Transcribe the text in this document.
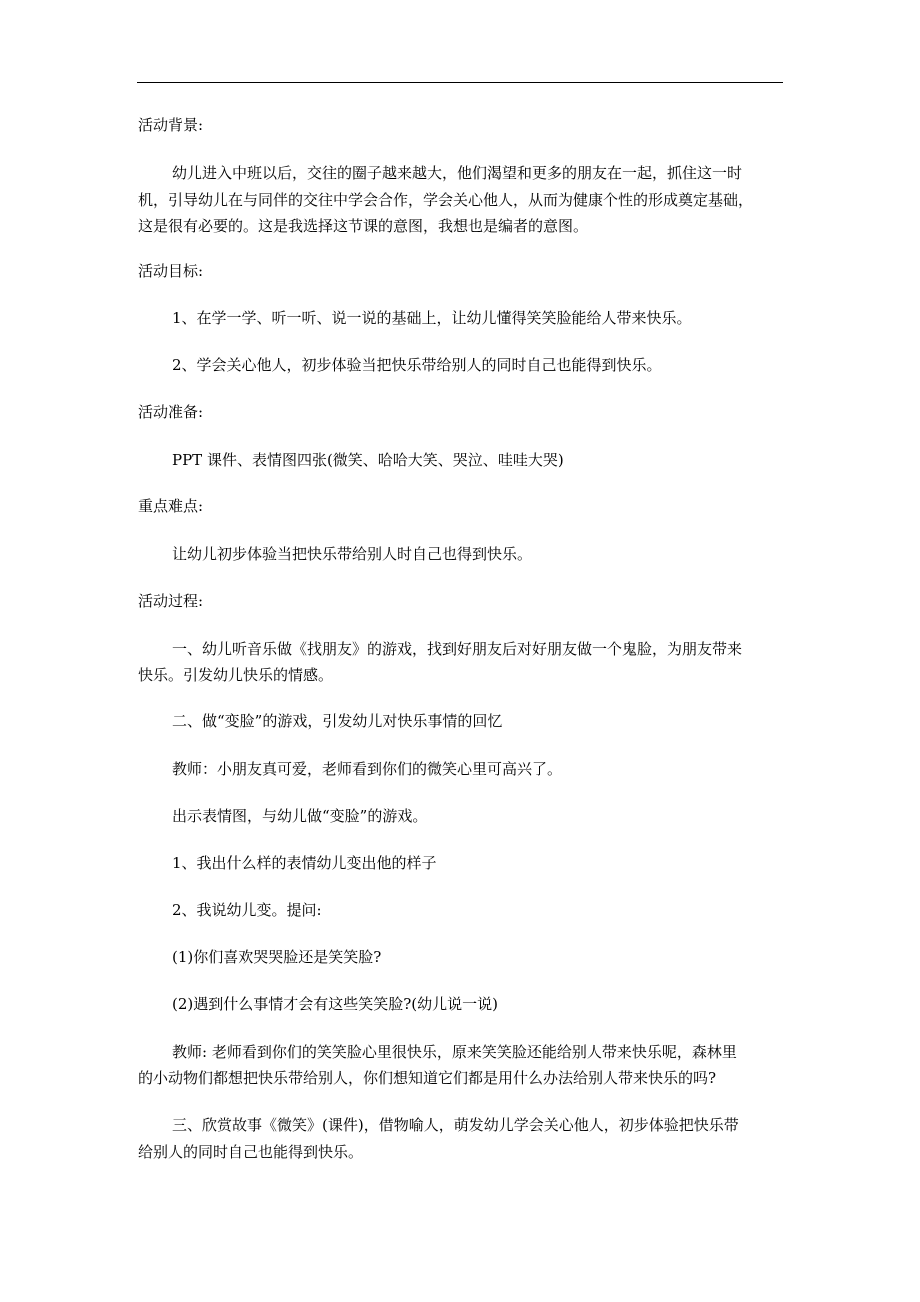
活动背景:
幼儿进入中班以后，交往的圈子越来越大，他们渴望和更多的朋友在一起，抓住这一时
机，引导幼儿在与同伴的交往中学会合作，学会关心他人，从而为健康个性的形成奠定基础，
这是很有必要的。这是我选择这节课的意图，我想也是编者的意图。
活动目标:
1、在学一学、听一听、说一说的基础上，让幼儿懂得笑笑脸能给人带来快乐。
2、学会关心他人，初步体验当把快乐带给别人的同时自己也能得到快乐。
活动准备:
PPT 课件、表情图四张(微笑、哈哈大笑、哭泣、哇哇大哭)
重点难点:
让幼儿初步体验当把快乐带给别人时自己也得到快乐。
活动过程:
一、幼儿听音乐做《找朋友》的游戏，找到好朋友后对好朋友做一个鬼脸，为朋友带来
快乐。引发幼儿快乐的情感。
二、做“变脸”的游戏，引发幼儿对快乐事情的回忆
教师：小朋友真可爱，老师看到你们的微笑心里可高兴了。
出示表情图，与幼儿做“变脸”的游戏。
1、我出什么样的表情幼儿变出他的样子
2、我说幼儿变。提问:
(1)你们喜欢哭哭脸还是笑笑脸?
(2)遇到什么事情才会有这些笑笑脸?(幼儿说一说)
教师: 老师看到你们的笑笑脸心里很快乐，原来笑笑脸还能给别人带来快乐呢，森林里
的小动物们都想把快乐带给别人，你们想知道它们都是用什么办法给别人带来快乐的吗?
三、欣赏故事《微笑》(课件)，借物喻人，萌发幼儿学会关心他人，初步体验把快乐带
给别人的同时自己也能得到快乐。
